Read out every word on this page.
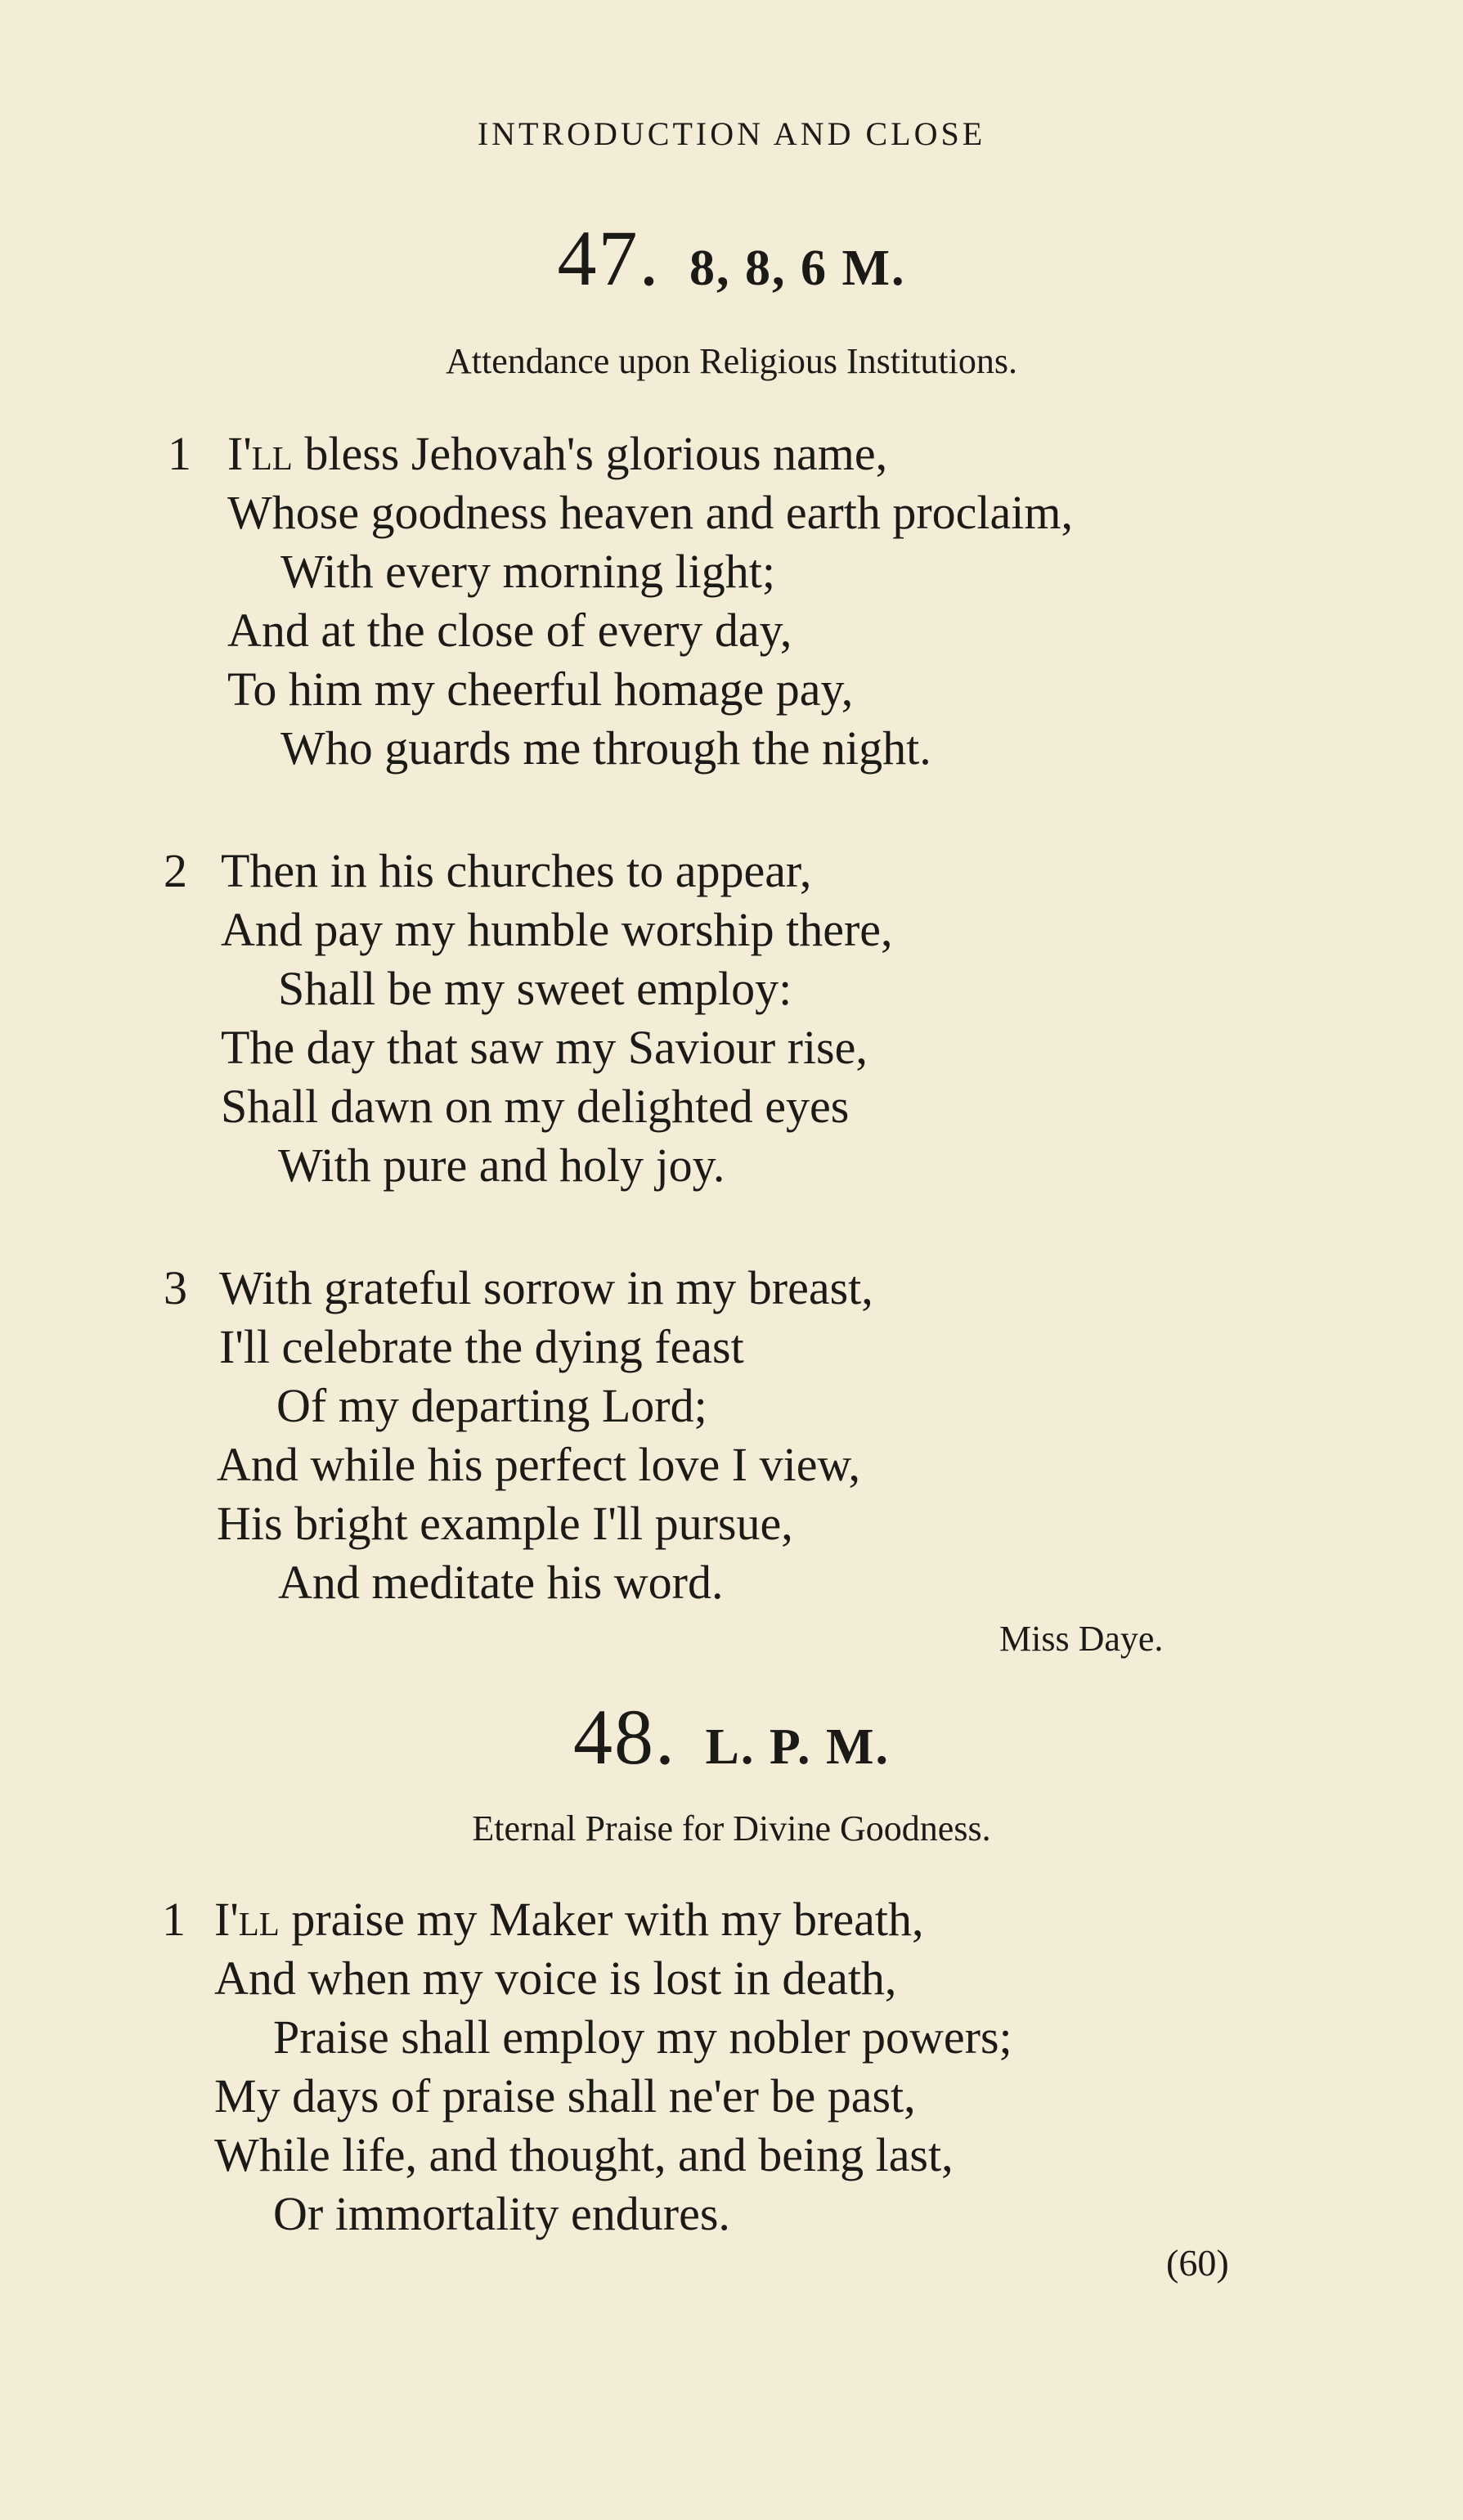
INTRODUCTION AND CLOSE
47. 8, 8, 6 M.
Attendance upon Religious Institutions.
1 I'll bless Jehovah's glorious name,
Whose goodness heaven and earth proclaim,
With every morning light;
And at the close of every day,
To him my cheerful homage pay,
Who guards me through the night.
2 Then in his churches to appear,
And pay my humble worship there,
Shall be my sweet employ:
The day that saw my Saviour rise,
Shall dawn on my delighted eyes
With pure and holy joy.
3 With grateful sorrow in my breast,
I'll celebrate the dying feast
Of my departing Lord;
And while his perfect love I view,
His bright example I'll pursue,
And meditate his word.
Miss Daye.
48. L. P. M.
Eternal Praise for Divine Goodness.
1 I'll praise my Maker with my breath,
And when my voice is lost in death,
Praise shall employ my nobler powers;
My days of praise shall ne'er be past,
While life, and thought, and being last,
Or immortality endures.
(60)
